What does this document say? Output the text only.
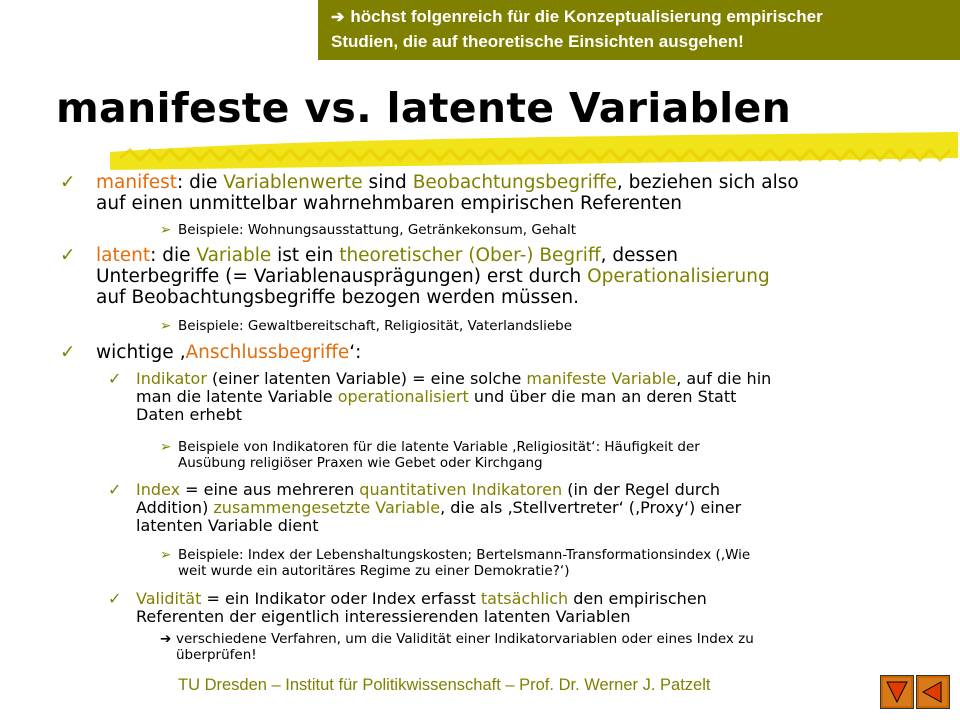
➔ höchst folgenreich für die Konzeptualisierung empirischer
Studien, die auf theoretische Einsichten ausgehen!
manifeste vs. latente Variablen
✓ manifest: die Variablenwerte sind Beobachtungsbegriffe, beziehen sich also
auf einen unmittelbar wahrnehmbaren empirischen Referenten
➢ Beispiele: Wohnungsausstattung, Getränkekonsum, Gehalt
✓ latent: die Variable ist ein theoretischer (Ober-) Begriff, dessen
Unterbegriffe (= Variablenausprägungen) erst durch Operationalisierung
auf Beobachtungsbegriffe bezogen werden müssen.
➢ Beispiele: Gewaltbereitschaft, Religiosität, Vaterlandsliebe
✓ wichtige ‚Anschlussbegriffe‘:
✓ Indikator (einer latenten Variable) = eine solche manifeste Variable, auf die hin
man die latente Variable operationalisiert und über die man an deren Statt
Daten erhebt
➢ Beispiele von Indikatoren für die latente Variable ‚Religiosität‘: Häufigkeit der
Ausübung religiöser Praxen wie Gebet oder Kirchgang
✓ Index = eine aus mehreren quantitativen Indikatoren (in der Regel durch
Addition) zusammengesetzte Variable, die als ‚Stellvertreter‘ (‚Proxy‘) einer
latenten Variable dient
➢ Beispiele: Index der Lebenshaltungskosten; Bertelsmann-Transformationsindex (‚Wie
weit wurde ein autoritäres Regime zu einer Demokratie?‘)
✓ Validität = ein Indikator oder Index erfasst tatsächlich den empirischen
Referenten der eigentlich interessierenden latenten Variablen
➔ verschiedene Verfahren, um die Validität einer Indikatorvariablen oder eines Index zu
überprüfen!
TU Dresden – Institut für Politikwissenschaft – Prof. Dr. Werner J. Patzelt
